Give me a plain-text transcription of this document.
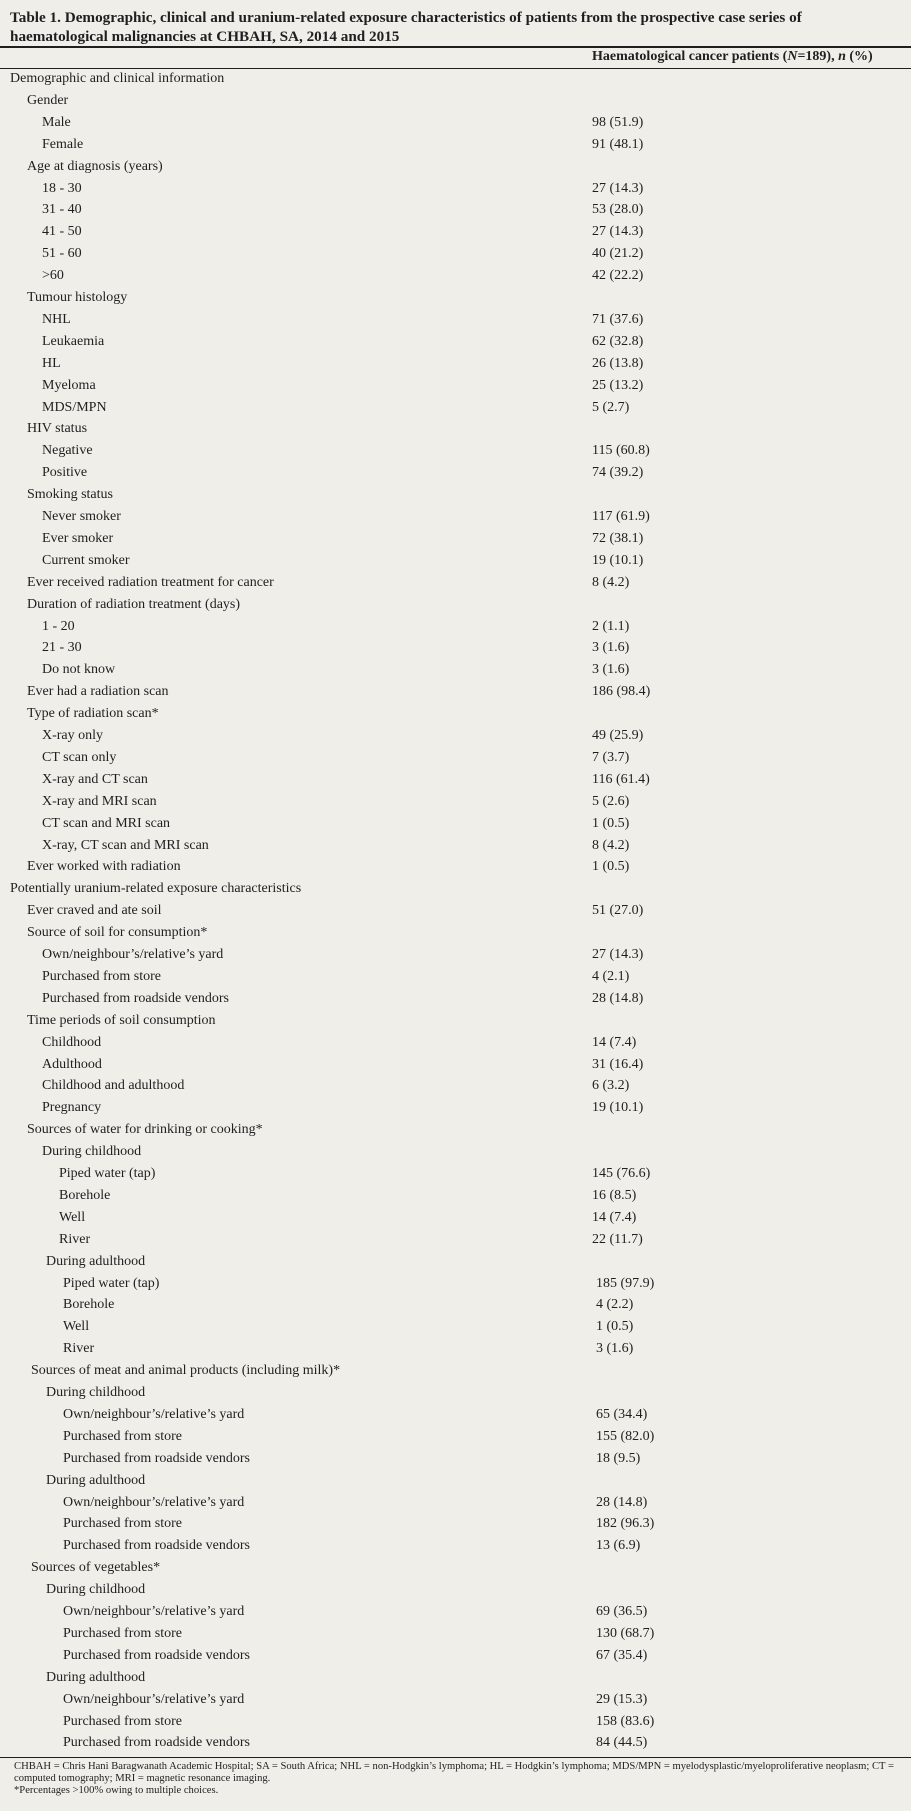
Table 1. Demographic, clinical and uranium-related exposure characteristics of patients from the prospective case series of haematological malignancies at CHBAH, SA, 2014 and 2015
Haematological cancer patients (N=189), n (%)
Demographic and clinical information
Gender
Male	98 (51.9)
Female	91 (48.1)
Age at diagnosis (years)
18 - 30	27 (14.3)
31 - 40	53 (28.0)
41 - 50	27 (14.3)
51 - 60	40 (21.2)
>60	42 (22.2)
Tumour histology
NHL	71 (37.6)
Leukaemia	62 (32.8)
HL	26 (13.8)
Myeloma	25 (13.2)
MDS/MPN	5 (2.7)
HIV status
Negative	115 (60.8)
Positive	74 (39.2)
Smoking status
Never smoker	117 (61.9)
Ever smoker	72 (38.1)
Current smoker	19 (10.1)
Ever received radiation treatment for cancer	8 (4.2)
Duration of radiation treatment (days)
1 - 20	2 (1.1)
21 - 30	3 (1.6)
Do not know	3 (1.6)
Ever had a radiation scan	186 (98.4)
Type of radiation scan*
X-ray only	49 (25.9)
CT scan only	7 (3.7)
X-ray and CT scan	116 (61.4)
X-ray and MRI scan	5 (2.6)
CT scan and MRI scan	1 (0.5)
X-ray, CT scan and MRI scan	8 (4.2)
Ever worked with radiation	1 (0.5)
Potentially uranium-related exposure characteristics
Ever craved and ate soil	51 (27.0)
Source of soil for consumption*
Own/neighbour’s/relative’s yard	27 (14.3)
Purchased from store	4 (2.1)
Purchased from roadside vendors	28 (14.8)
Time periods of soil consumption
Childhood	14 (7.4)
Adulthood	31 (16.4)
Childhood and adulthood	6 (3.2)
Pregnancy	19 (10.1)
Sources of water for drinking or cooking*
During childhood
Piped water (tap)	145 (76.6)
Borehole	16 (8.5)
Well	14 (7.4)
River	22 (11.7)
During adulthood
Piped water (tap)	185 (97.9)
Borehole	4 (2.2)
Well	1 (0.5)
River	3 (1.6)
Sources of meat and animal products (including milk)*
During childhood
Own/neighbour’s/relative’s yard	65 (34.4)
Purchased from store	155 (82.0)
Purchased from roadside vendors	18 (9.5)
During adulthood
Own/neighbour’s/relative’s yard	28 (14.8)
Purchased from store	182 (96.3)
Purchased from roadside vendors	13 (6.9)
Sources of vegetables*
During childhood
Own/neighbour’s/relative’s yard	69 (36.5)
Purchased from store	130 (68.7)
Purchased from roadside vendors	67 (35.4)
During adulthood
Own/neighbour’s/relative’s yard	29 (15.3)
Purchased from store	158 (83.6)
Purchased from roadside vendors	84 (44.5)
CHBAH = Chris Hani Baragwanath Academic Hospital; SA = South Africa; NHL = non-Hodgkin’s lymphoma; HL = Hodgkin’s lymphoma; MDS/MPN = myelodysplastic/myeloproliferative neoplasm; CT = computed tomography; MRI = magnetic resonance imaging.
*Percentages >100% owing to multiple choices.
